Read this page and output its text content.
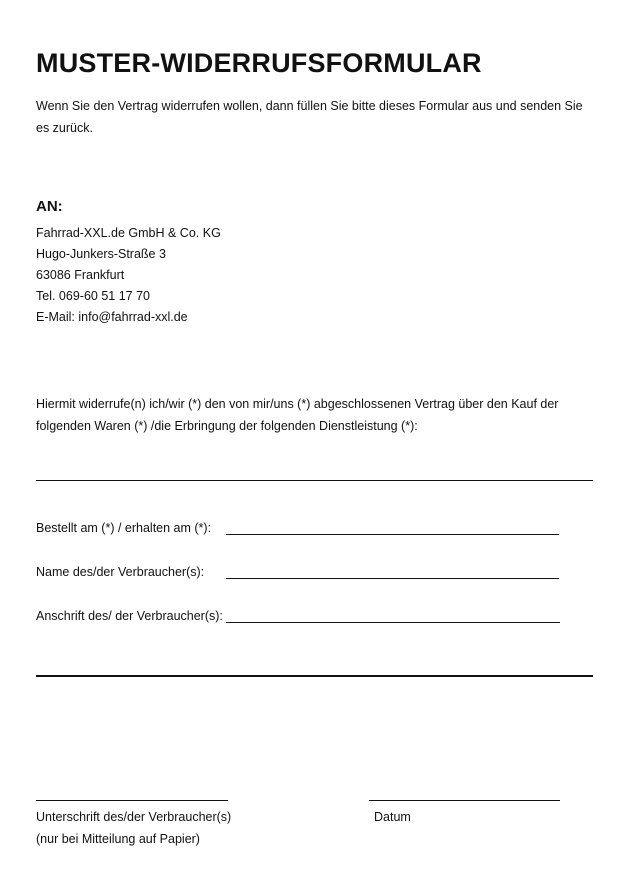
MUSTER-WIDERRUFSFORMULAR
Wenn Sie den Vertrag widerrufen wollen, dann füllen Sie bitte dieses Formular aus und senden Sie es zurück.
AN:
Fahrrad-XXL.de GmbH & Co. KG
Hugo-Junkers-Straße 3
63086 Frankfurt
Tel. 069-60 51 17 70
E-Mail: info@fahrrad-xxl.de
Hiermit widerrufe(n) ich/wir (*) den von mir/uns (*) abgeschlossenen Vertrag über den Kauf der folgenden Waren (*) /die Erbringung der folgenden Dienstleistung (*):
Bestellt am (*) / erhalten am (*):
Name des/der Verbraucher(s):
Anschrift des/ der Verbraucher(s):
Unterschrift des/der Verbraucher(s)
(nur bei Mitteilung auf Papier)
Datum
